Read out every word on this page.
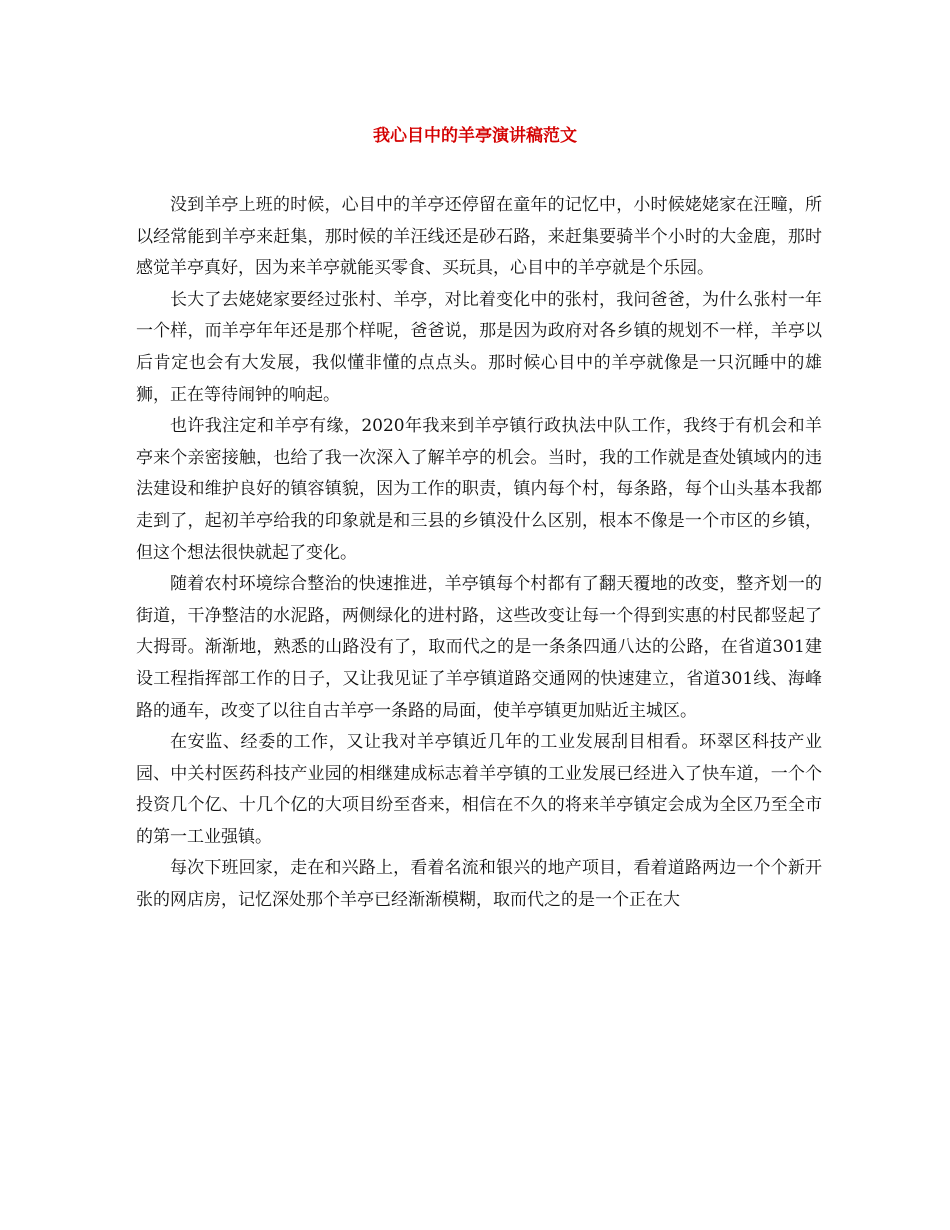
我心目中的羊亭演讲稿范文

没到羊亭上班的时候，心目中的羊亭还停留在童年的记忆中，小时候姥姥家在汪疃，所以经常能到羊亭来赶集，那时候的羊汪线还是砂石路，来赶集要骑半个小时的大金鹿，那时感觉羊亭真好，因为来羊亭就能买零食、买玩具，心目中的羊亭就是个乐园。

长大了去姥姥家要经过张村、羊亭，对比着变化中的张村，我问爸爸，为什么张村一年一个样，而羊亭年年还是那个样呢，爸爸说，那是因为政府对各乡镇的规划不一样，羊亭以后肯定也会有大发展，我似懂非懂的点点头。那时候心目中的羊亭就像是一只沉睡中的雄狮，正在等待闹钟的响起。

也许我注定和羊亭有缘，2020年我来到羊亭镇行政执法中队工作，我终于有机会和羊亭来个亲密接触，也给了我一次深入了解羊亭的机会。当时，我的工作就是查处镇域内的违法建设和维护良好的镇容镇貌，因为工作的职责，镇内每个村，每条路，每个山头基本我都走到了，起初羊亭给我的印象就是和三县的乡镇没什么区别，根本不像是一个市区的乡镇，但这个想法很快就起了变化。

随着农村环境综合整治的快速推进，羊亭镇每个村都有了翻天覆地的改变，整齐划一的街道，干净整洁的水泥路，两侧绿化的进村路，这些改变让每一个得到实惠的村民都竖起了大拇哥。渐渐地，熟悉的山路没有了，取而代之的是一条条四通八达的公路，在省道301建设工程指挥部工作的日子，又让我见证了羊亭镇道路交通网的快速建立，省道301线、海峰路的通车，改变了以往自古羊亭一条路的局面，使羊亭镇更加贴近主城区。

在安监、经委的工作，又让我对羊亭镇近几年的工业发展刮目相看。环翠区科技产业园、中关村医药科技产业园的相继建成标志着羊亭镇的工业发展已经进入了快车道，一个个投资几个亿、十几个亿的大项目纷至沓来，相信在不久的将来羊亭镇定会成为全区乃至全市的第一工业强镇。

每次下班回家，走在和兴路上，看着名流和银兴的地产项目，看着道路两边一个个新开张的网店房，记忆深处那个羊亭已经渐渐模糊，取而代之的是一个正在大
